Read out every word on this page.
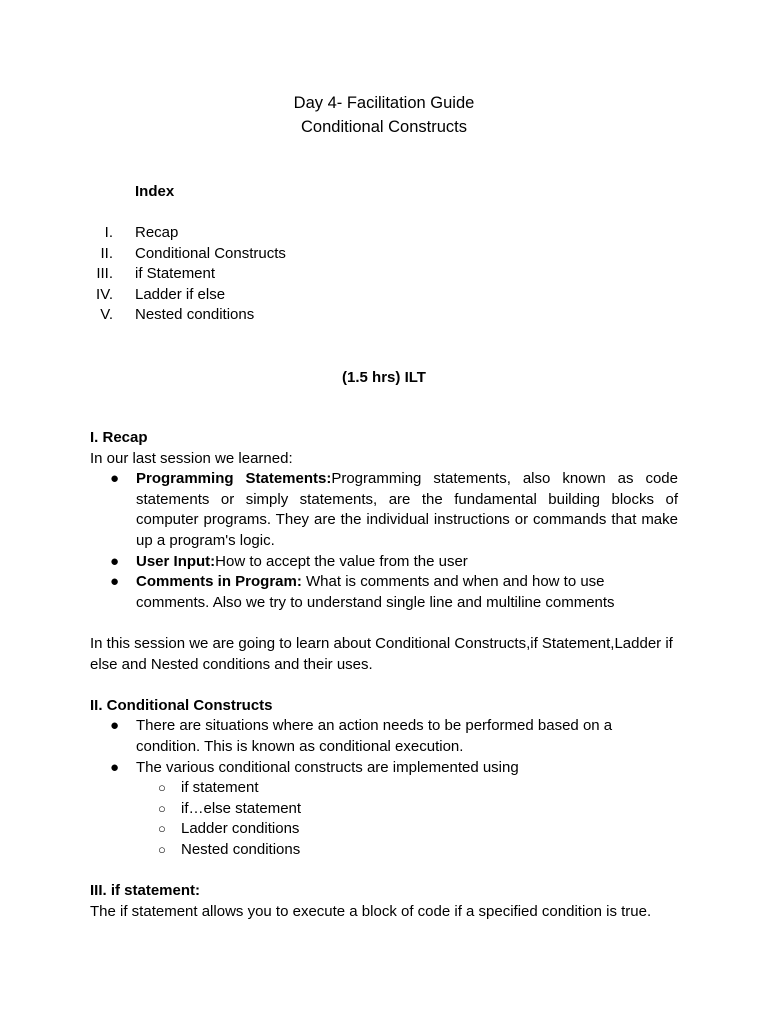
Day 4- Facilitation Guide
Conditional Constructs
Index
I. Recap
II. Conditional Constructs
III. if Statement
IV. Ladder if else
V. Nested conditions
(1.5 hrs) ILT

I. Recap

In our last session we learned:

● Programming Statements:Programming statements, also known as code statements or simply statements, are the fundamental building blocks of computer programs. They are the individual instructions or commands that make up a program's logic.
● User Input:How to accept the value from the user
● Comments in Program: What is comments and when and how to use comments. Also we try to understand single line and multiline comments

In this session we are going to learn about Conditional Constructs,if Statement,Ladder if else and Nested conditions and their uses.

II. Conditional Constructs

● There are situations where an action needs to be performed based on a condition. This is known as conditional execution.
● The various conditional constructs are implemented using
○ if statement
○ if…else statement
○ Ladder conditions
○ Nested conditions

III. if statement:

The if statement allows you to execute a block of code if a specified condition is true.
